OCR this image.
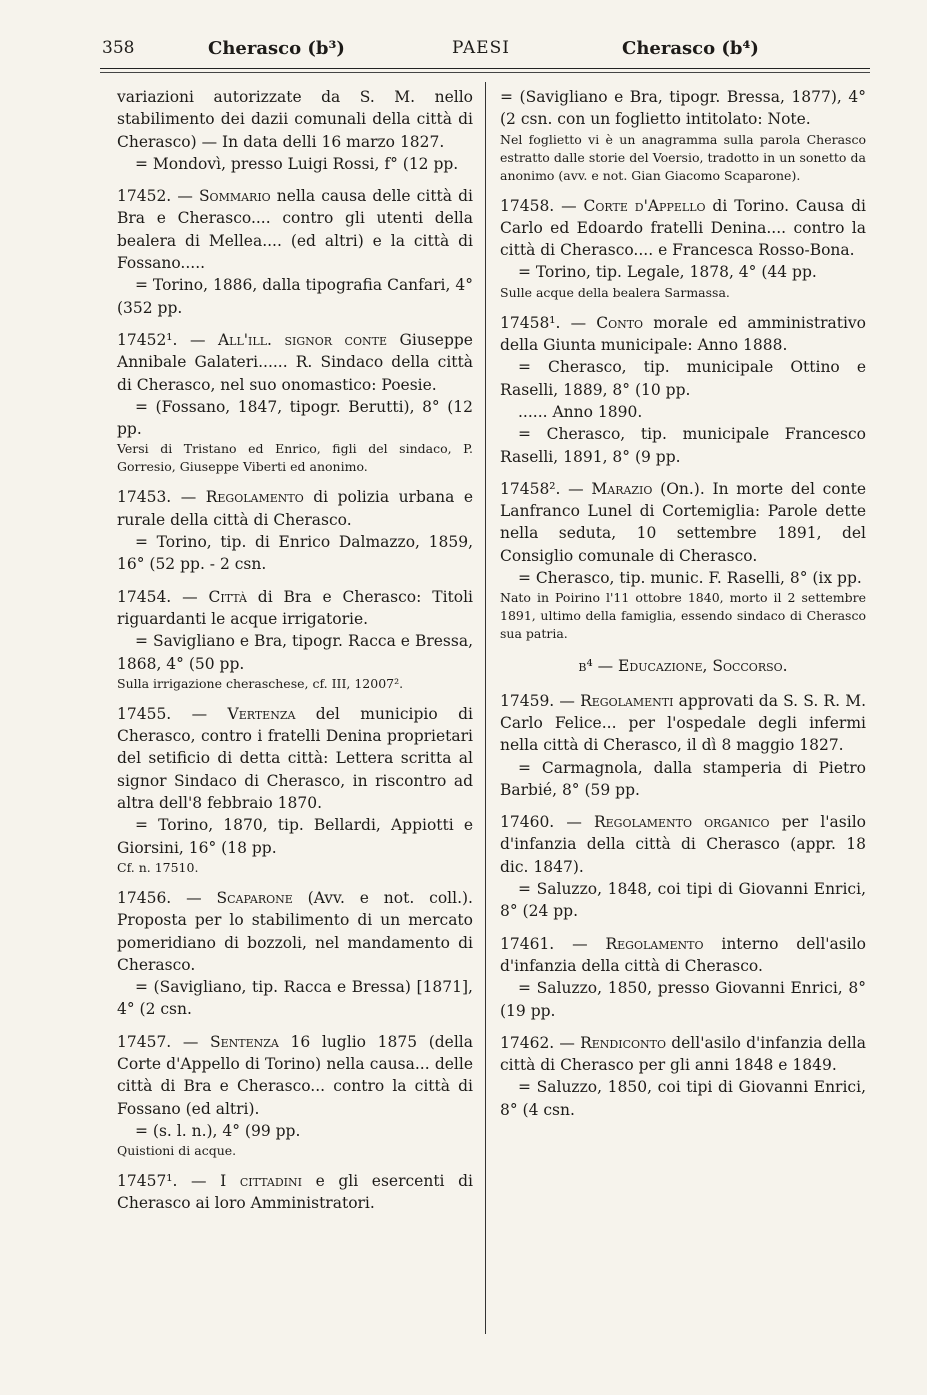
358	Cherasco (b³)	PAESI	Cherasco (b⁴)

variazioni autorizzate da S. M. nello stabilimento dei dazii comunali della città di Cherasco) — In data delli 16 marzo 1827.

= Mondovì, presso Luigi Rossi, f° (12 pp.

17452. — Sommario nella causa delle città di Bra e Cherasco.... contro gli utenti della bealera di Mellea.... (ed altri) e la città di Fossano.....

= Torino, 1886, dalla tipografia Canfari, 4° (352 pp.

17452¹. — All'ill. signor conte Giuseppe Annibale Galateri...... R. Sindaco della città di Cherasco, nel suo onomastico: Poesie.

= (Fossano, 1847, tipogr. Berutti), 8° (12 pp.

Versi di Tristano ed Enrico, figli del sindaco, P. Gorresio, Giuseppe Viberti ed anonimo.

17453. — Regolamento di polizia urbana e rurale della città di Cherasco.

= Torino, tip. di Enrico Dalmazzo, 1859, 16° (52 pp. - 2 csn.

17454. — Città di Bra e Cherasco: Titoli riguardanti le acque irrigatorie.

= Savigliano e Bra, tipogr. Racca e Bressa, 1868, 4° (50 pp.

Sulla irrigazione cheraschese, cf. III, 12007².

17455. — Vertenza del municipio di Cherasco, contro i fratelli Denina proprietari del setificio di detta città: Lettera scritta al signor Sindaco di Cherasco, in riscontro ad altra dell'8 febbraio 1870.

= Torino, 1870, tip. Bellardi, Appiotti e Giorsini, 16° (18 pp.

Cf. n. 17510.

17456. — Scaparone (Avv. e not. coll.). Proposta per lo stabilimento di un mercato pomeridiano di bozzoli, nel mandamento di Cherasco.

= (Savigliano, tip. Racca e Bressa) [1871], 4° (2 csn.

17457. — Sentenza 16 luglio 1875 (della Corte d'Appello di Torino) nella causa... delle città di Bra e Cherasco... contro la città di Fossano (ed altri).

= (s. l. n.), 4° (99 pp.

Quistioni di acque.

17457¹. — I cittadini e gli esercenti di Cherasco ai loro Amministratori.

= (Savigliano e Bra, tipogr. Bressa, 1877), 4° (2 csn. con un foglietto intitolato: Note.

Nel foglietto vi è un anagramma sulla parola Cherasco estratto dalle storie del Voersio, tradotto in un sonetto da anonimo (avv. e not. Gian Giacomo Scaparone).

17458. — Corte d'Appello di Torino. Causa di Carlo ed Edoardo fratelli Denina.... contro la città di Cherasco.... e Francesca Rosso-Bona.

= Torino, tip. Legale, 1878, 4° (44 pp.

Sulle acque della bealera Sarmassa.

17458¹. — Conto morale ed amministrativo della Giunta municipale: Anno 1888.

= Cherasco, tip. municipale Ottino e Raselli, 1889, 8° (10 pp.

...... Anno 1890.

= Cherasco, tip. municipale Francesco Raselli, 1891, 8° (9 pp.

17458². — Marazio (On.). In morte del conte Lanfranco Lunel di Cortemiglia: Parole dette nella seduta, 10 settembre 1891, del Consiglio comunale di Cherasco.

= Cherasco, tip. munic. F. Raselli, 8° (ix pp.

Nato in Poirino l'11 ottobre 1840, morto il 2 settembre 1891, ultimo della famiglia, essendo sindaco di Cherasco sua patria.

b⁴ — Educazione, Soccorso.

17459. — Regolamenti approvati da S. S. R. M. Carlo Felice... per l'ospedale degli infermi nella città di Cherasco, il dì 8 maggio 1827.

= Carmagnola, dalla stamperia di Pietro Barbié, 8° (59 pp.

17460. — Regolamento organico per l'asilo d'infanzia della città di Cherasco (appr. 18 dic. 1847).

= Saluzzo, 1848, coi tipi di Giovanni Enrici, 8° (24 pp.

17461. — Regolamento interno dell'asilo d'infanzia della città di Cherasco.

= Saluzzo, 1850, presso Giovanni Enrici, 8° (19 pp.

17462. — Rendiconto dell'asilo d'infanzia della città di Cherasco per gli anni 1848 e 1849.

= Saluzzo, 1850, coi tipi di Giovanni Enrici, 8° (4 csn.
